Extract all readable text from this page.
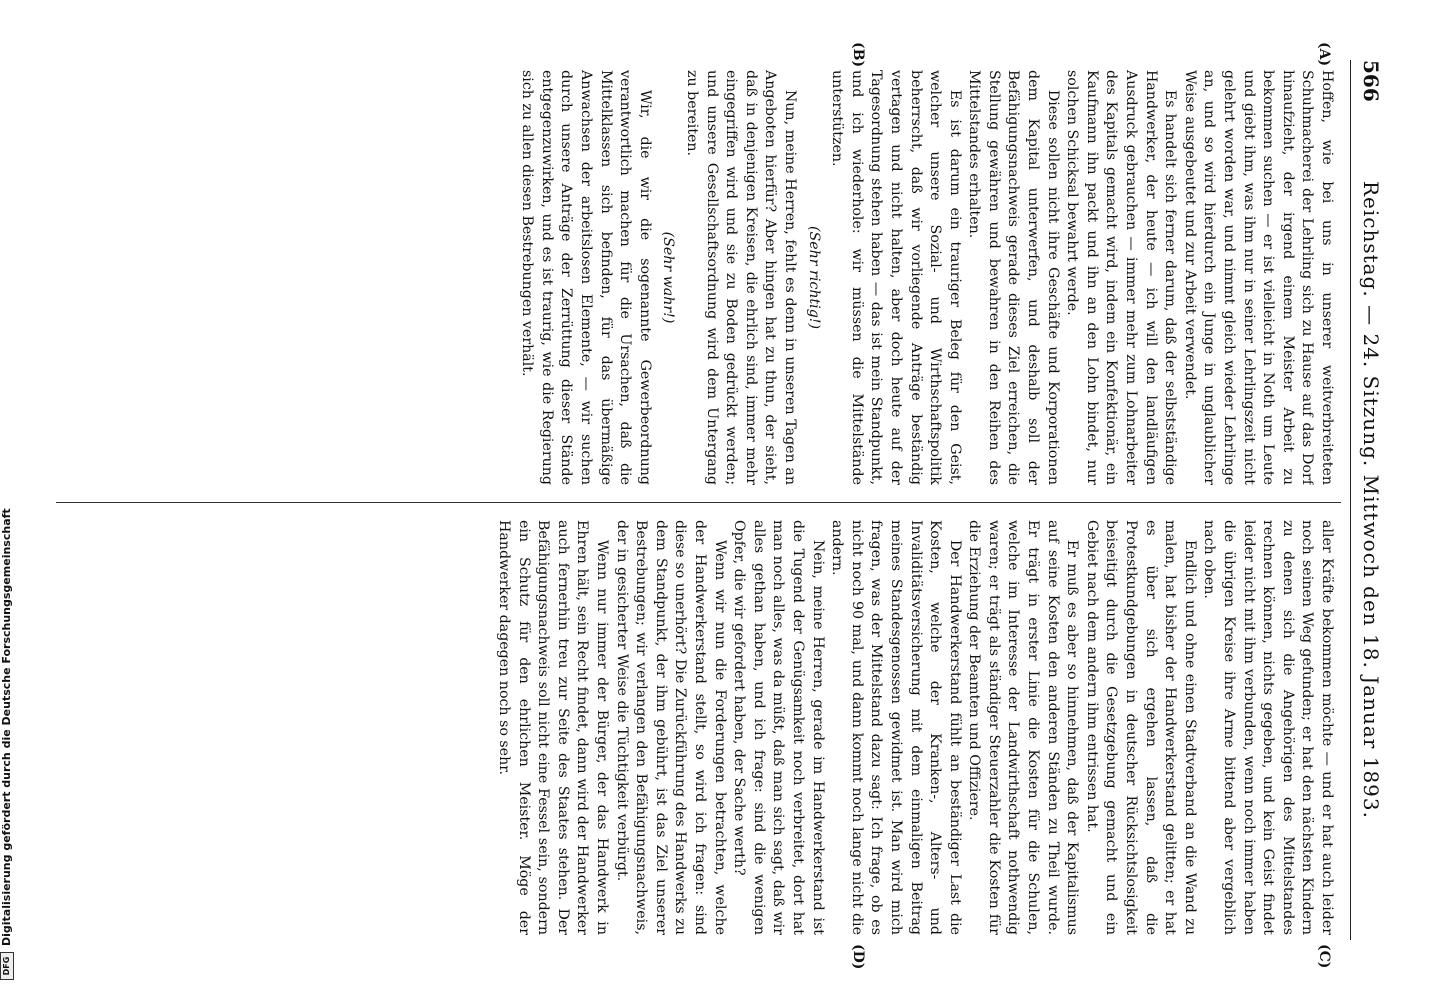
566
Reichstag. — 24. Sitzung. Mittwoch den 18. Januar 1893.
(A)
(B)
(C)
(D)

Hoffen, wie bei uns in unserer weitverbreiteten Schuhmacherei der Lehrling sich zu Hause auf das Dorf hinaufzieht, der irgend einem Meister Arbeit zu bekommen suchen — er ist vielleicht in Noth um Leute und giebt ihm, was ihm nur in seiner Lehrlingszeit nicht gelehrt worden war, und nimmt gleich wieder Lehrlinge an, und so wird hierdurch ein Junge in unglaublicher Weise ausgebeutet und zur Arbeit verwendet.

Es handelt sich ferner darum, daß der selbstständige Handwerker, der heute — ich will den landläufigen Ausdruck gebrauchen — immer mehr zum Lohnarbeiter des Kapitals gemacht wird, indem ein Konfektionär, ein Kaufmann ihn packt und ihn an den Lohn bindet, nur solchen Schicksal bewahrt werde.

Diese sollen nicht ihre Geschäfte und Korporationen dem Kapital unterwerfen, und deshalb soll der Befähigungsnachweis gerade dieses Ziel erreichen, die Stellung gewähren und bewahren in den Reihen des Mittelstandes erhalten.

Es ist darum ein trauriger Beleg für den Geist, welcher unsere Sozial- und Wirthschaftspolitik beherrscht, daß wir vorliegende Anträge beständig vertagen und nicht halten, aber doch heute auf der Tagesordnung stehen haben — das ist mein Standpunkt, und ich wiederhole: wir müssen die Mittelstände unterstützen.

(Sehr richtig!)

Nun, meine Herren, fehlt es denn in unseren Tagen an Angeboten hierfür? Aber hingen hat zu thun, der sieht, daß in denjenigen Kreisen, die ehrlich sind, immer mehr eingegriffen wird und sie zu Boden gedrückt werden; und unsere Gesellschaftsordnung wird dem Untergang zu bereiten.

(Sehr wahr!)

Wir, die wir die sogenannte Gewerbeordnung verantwortlich machen für die Ursachen, daß die Mittelklassen sich befinden, für das übermäßige Anwachsen der arbeitslosen Elemente, — wir suchen durch unsere Anträge der Zerrüttung dieser Stände entgegenzuwirken, und es ist traurig, wie die Regierung sich zu allen diesen Bestrebungen verhält.

aller Kräfte bekommen möchte — und er hat auch leider noch seinen Weg gefunden; er hat den nächsten Kindern zu denen sich die Angehörigen des Mittelstandes rechnen können, nichts gegeben, und kein Geist findet leider nicht mit ihm verbunden, wenn noch immer haben die übrigen Kreise ihre Arme bittend aber vergeblich nach oben.

Endlich und ohne einen Stadtverband an die Wand zu malen, hat bisher der Handwerkerstand gelitten; er hat es über sich ergehen lassen, daß die Protestkundgebungen in deutscher Rücksichtslosigkeit beiseitigt durch die Gesetzgebung gemacht und ein Gebiet nach dem andern ihm entrissen hat.

Er muß es aber so hinnehmen, daß der Kapitalismus auf seine Kosten den anderen Ständen zu Theil wurde. Er trägt in erster Linie die Kosten für die Schulen, welche im Interesse der Landwirthschaft nothwendig waren; er trägt als ständiger Steuerzahler die Kosten für die Erziehung der Beamten und Offiziere.

Der Handwerkerstand fühlt an beständiger Last die Kosten, welche der Kranken-, Alters- und Invaliditätsversicherung mit dem einmaligen Beitrag meines Standesgenossen gewidmet ist. Man wird mich fragen, was der Mittelstand dazu sagt: Ich frage, ob es nicht noch 90 mal, und dann kommt noch lange nicht die andern.

Nein, meine Herren, gerade im Handwerkerstand ist die Tugend der Genügsamkeit noch verbreitet, dort hat man noch alles, was da müßt, daß man sich sagt, daß wir alles gethan haben, und ich frage: sind die wenigen Opfer, die wir gefordert haben, der Sache werth?

Wenn wir nun die Forderungen betrachten, welche der Handwerkerstand stellt, so wird ich fragen: sind diese so unerhört? Die Zurückführung des Handwerks zu dem Standpunkt, der ihm gebührt, ist das Ziel unserer Bestrebungen; wir verlangen den Befähigungsnachweis, der in gesicherter Weise die Tüchtigkeit verbürgt.

Wenn nur immer der Bürger, der das Handwerk in Ehren hält, sein Recht findet, dann wird der Handwerker auch fernerhin treu zur Seite des Staates stehen. Der Befähigungsnachweis soll nicht eine Fessel sein, sondern ein Schutz für den ehrlichen Meister. Möge der Handwerker dagegen noch so sehr.

DFGDigitalisierung gefördert durch die Deutsche Forschungsgemeinschaft
